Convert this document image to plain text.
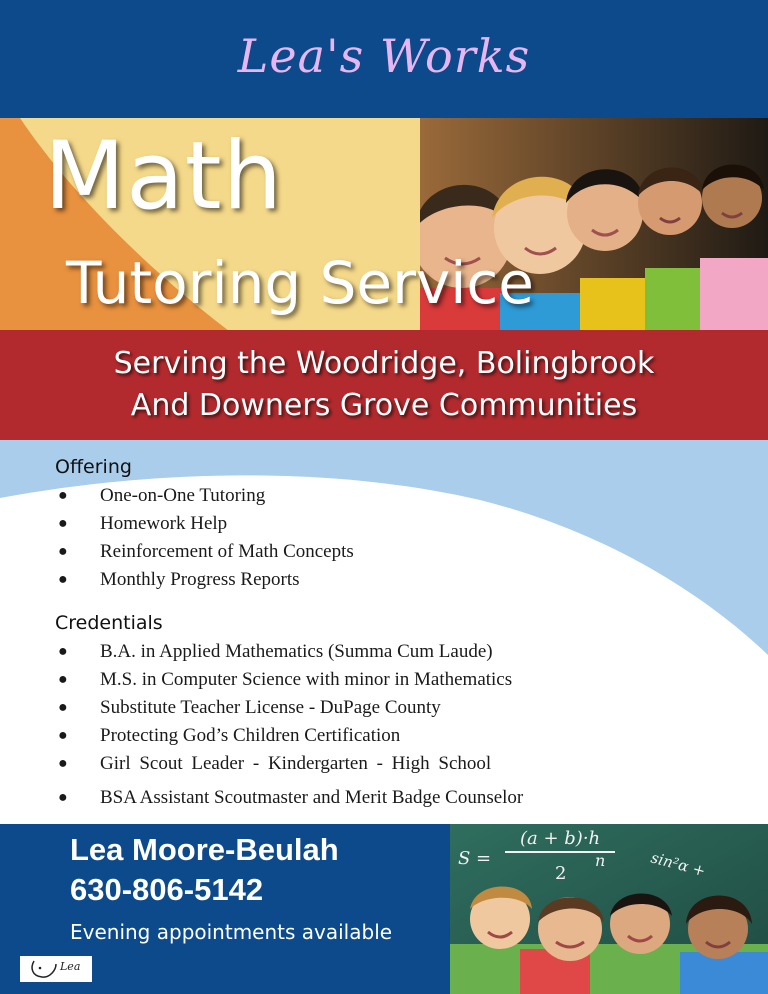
Lea's Works
Math
Tutoring Service
Serving the Woodridge, Bolingbrook
And Downers Grove Communities
Offering
●	One-on-One Tutoring
●	Homework Help
●	Reinforcement of Math Concepts
●	Monthly Progress Reports
Credentials
●	B.A. in Applied Mathematics (Summa Cum Laude)
●	M.S. in Computer Science with minor in Mathematics
●	Substitute Teacher License - DuPage County
●	Protecting God’s Children Certification
●	Girl Scout Leader - Kindergarten - High School
●	BSA Assistant Scoutmaster and Merit Badge Counselor
Lea Moore-Beulah
630-806-5142
Evening appointments available
Lea
(a + b)·h
S =
2
n	sin²α +
